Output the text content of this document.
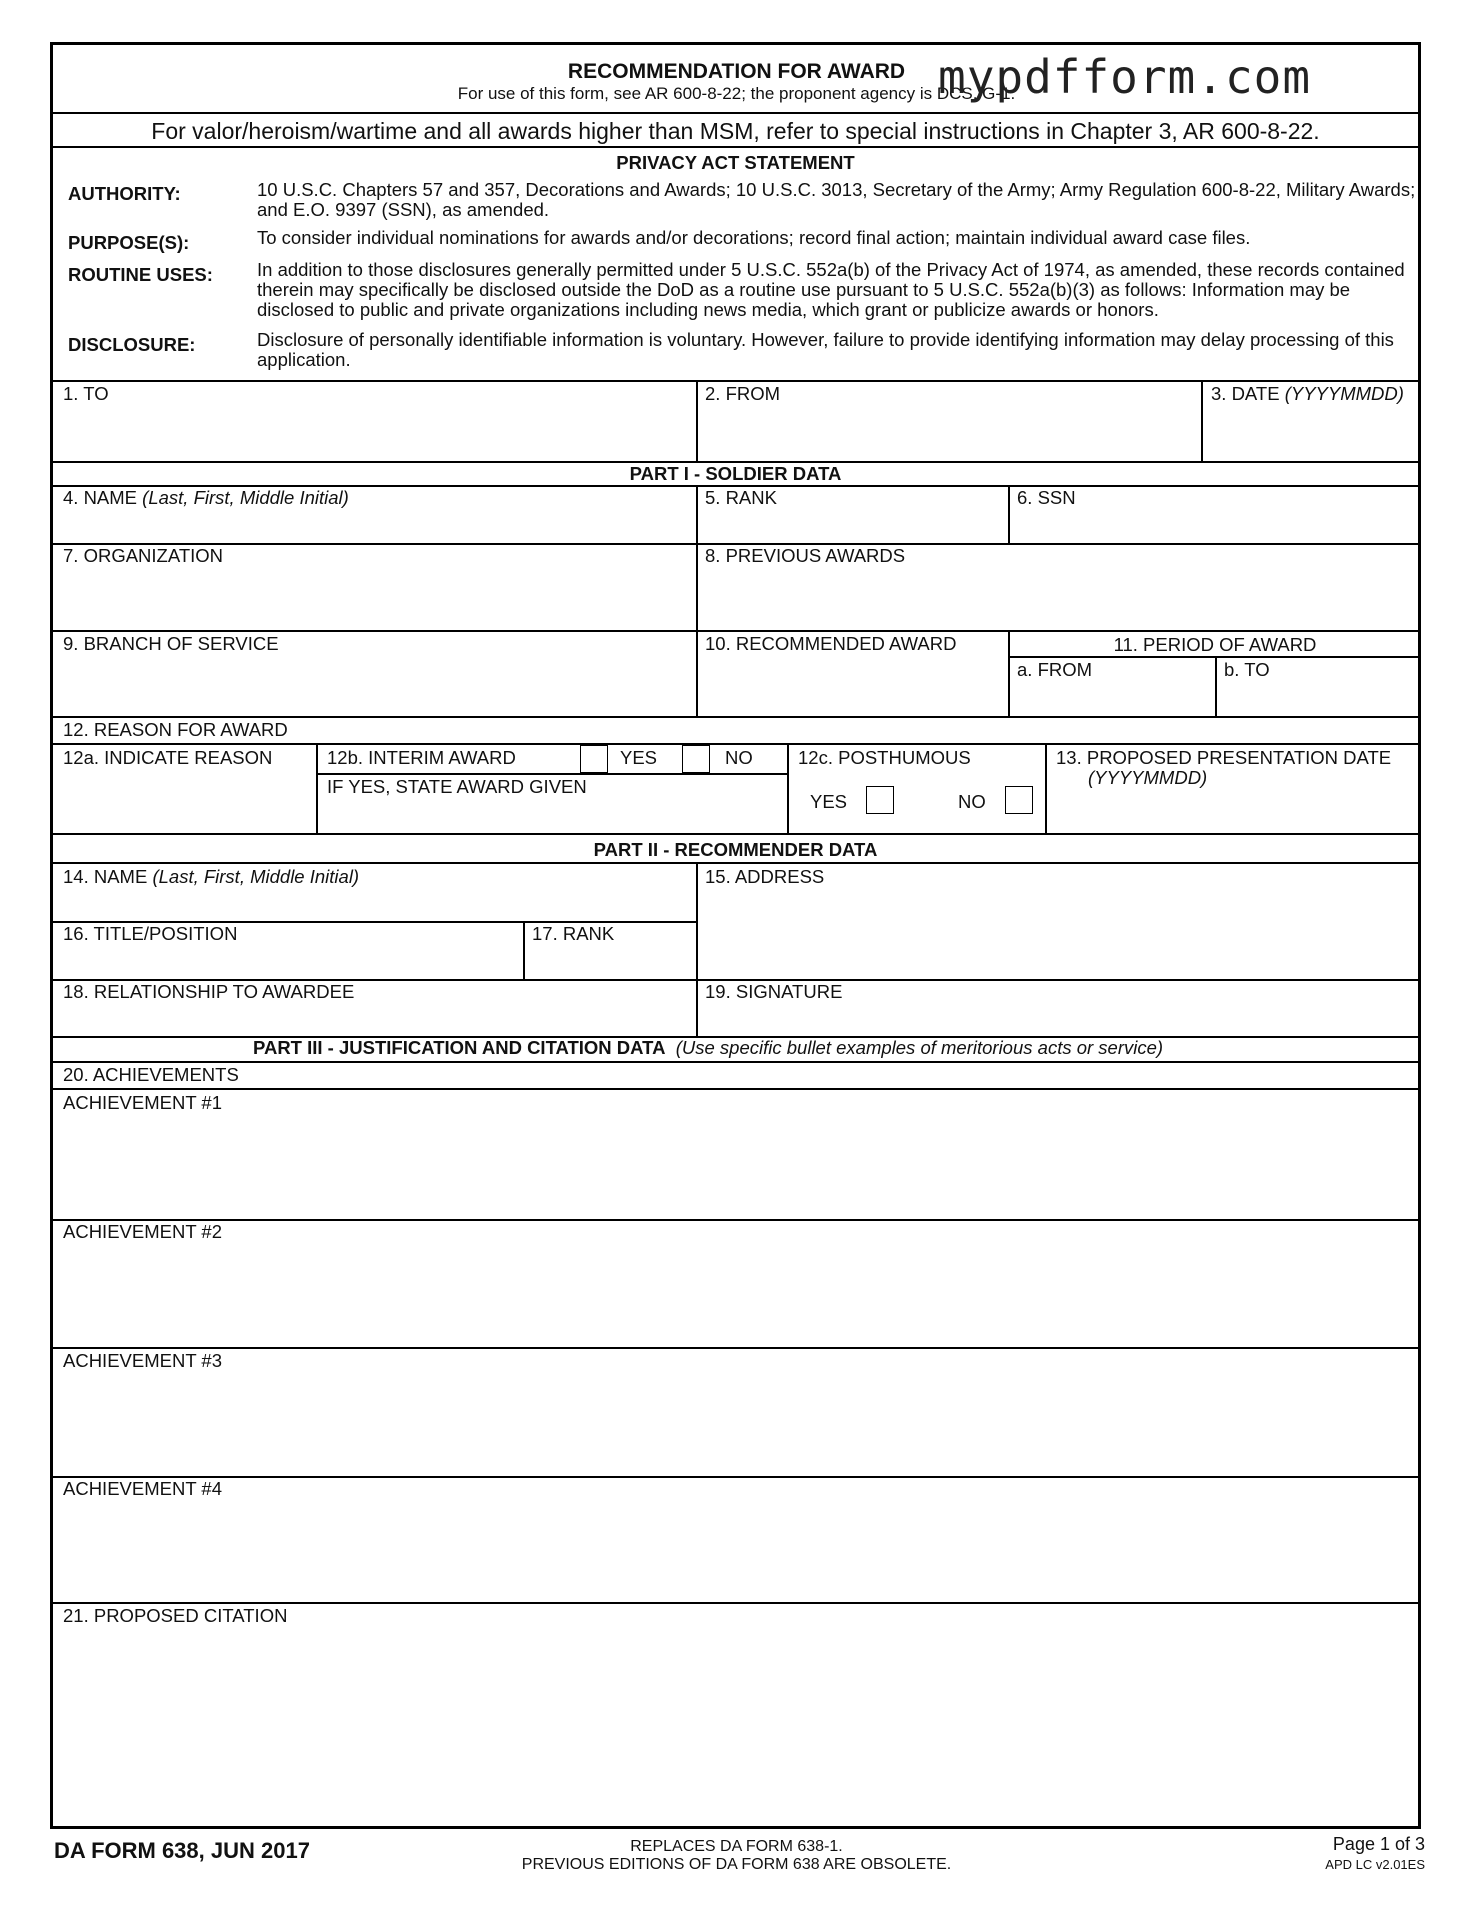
RECOMMENDATION FOR AWARD
For use of this form, see AR 600-8-22; the proponent agency is DCS, G-1.
mypdfform.com
For valor/heroism/wartime and all awards higher than MSM, refer to special instructions in Chapter 3, AR 600-8-22.
PRIVACY ACT STATEMENT
AUTHORITY:	10 U.S.C. Chapters 57 and 357, Decorations and Awards; 10 U.S.C. 3013, Secretary of the Army; Army Regulation 600-8-22, Military Awards; and E.O. 9397 (SSN), as amended.
PURPOSE(S):	To consider individual nominations for awards and/or decorations; record final action; maintain individual award case files.
ROUTINE USES: In addition to those disclosures generally permitted under 5 U.S.C. 552a(b) of the Privacy Act of 1974, as amended, these records contained therein may specifically be disclosed outside the DoD as a routine use pursuant to 5 U.S.C. 552a(b)(3) as follows: Information may be disclosed to public and private organizations including news media, which grant or publicize awards or honors.
DISCLOSURE:	Disclosure of personally identifiable information is voluntary. However, failure to provide identifying information may delay processing of this application.
1. TO	2. FROM	3. DATE (YYYYMMDD)
PART I - SOLDIER DATA
4. NAME (Last, First, Middle Initial)	5. RANK	6. SSN
7. ORGANIZATION	8. PREVIOUS AWARDS
9. BRANCH OF SERVICE	10. RECOMMENDED AWARD	11. PERIOD OF AWARD
a. FROM	b. TO
12. REASON FOR AWARD
12a. INDICATE REASON	12b. INTERIM AWARD	YES	NO
IF YES, STATE AWARD GIVEN
12c. POSTHUMOUS
YES	NO
13. PROPOSED PRESENTATION DATE
(YYYYMMDD)
PART II - RECOMMENDER DATA
14. NAME (Last, First, Middle Initial)	15. ADDRESS
16. TITLE/POSITION	17. RANK
18. RELATIONSHIP TO AWARDEE	19. SIGNATURE
PART III - JUSTIFICATION AND CITATION DATA (Use specific bullet examples of meritorious acts or service)
20. ACHIEVEMENTS
ACHIEVEMENT #1
ACHIEVEMENT #2
ACHIEVEMENT #3
ACHIEVEMENT #4
21. PROPOSED CITATION
DA FORM 638, JUN 2017	REPLACES DA FORM 638-1.
PREVIOUS EDITIONS OF DA FORM 638 ARE OBSOLETE.
Page 1 of 3
APD LC v2.01ES
